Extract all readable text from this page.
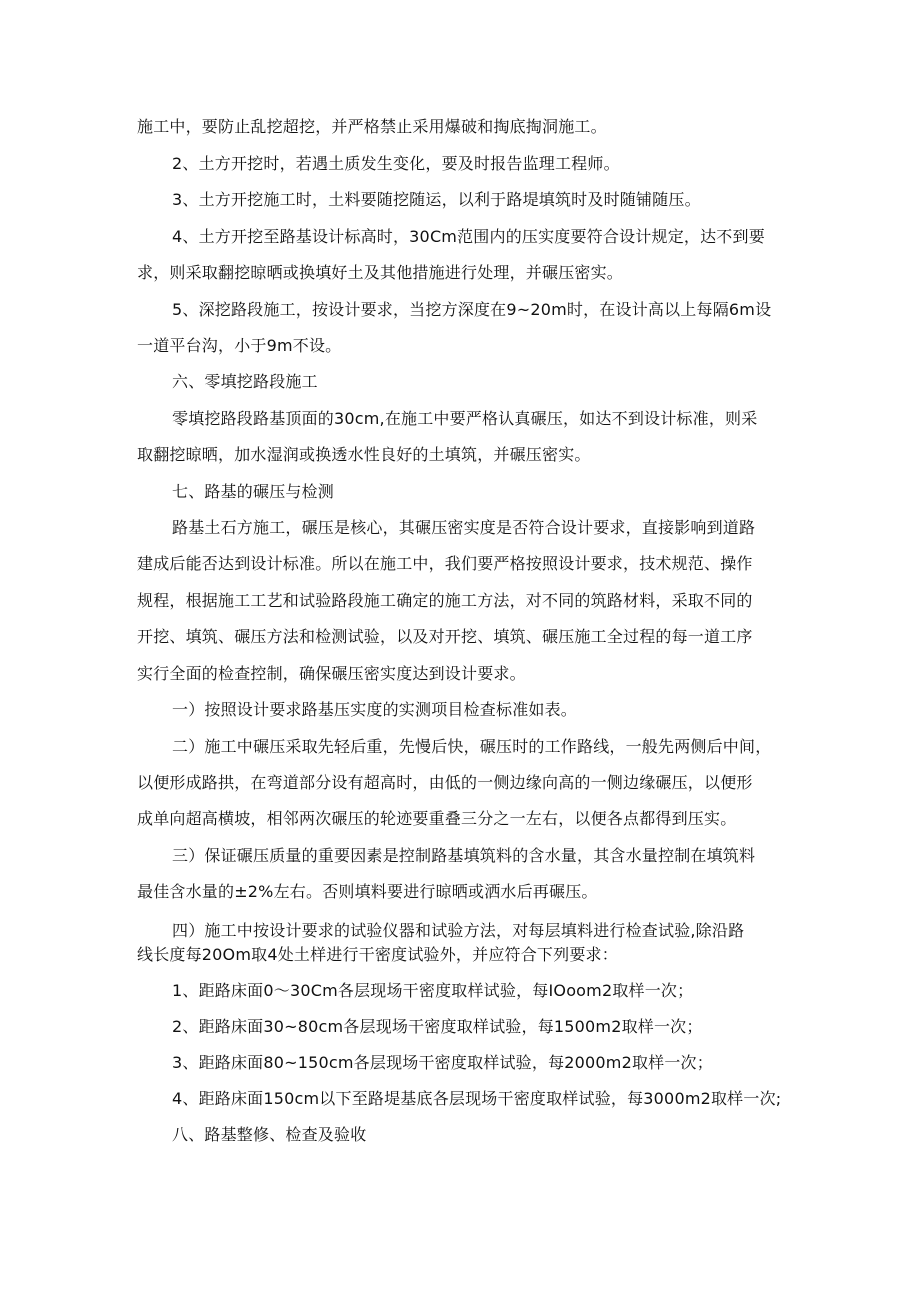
施工中，要防止乱挖超挖，并严格禁止采用爆破和掏底掏洞施工。
2、土方开挖时，若遇土质发生变化，要及时报告监理工程师。
3、土方开挖施工时，土料要随挖随运，以利于路堤填筑时及时随铺随压。
4、土方开挖至路基设计标高时，30Cm范围内的压实度要符合设计规定，达不到要
求，则采取翻挖晾晒或换填好土及其他措施进行处理，并碾压密实。
5、深挖路段施工，按设计要求，当挖方深度在9~20m时，在设计高以上每隔6m设
一道平台沟，小于9m不设。
六、零填挖路段施工
零填挖路段路基顶面的30cm,在施工中要严格认真碾压，如达不到设计标准，则采
取翻挖晾晒，加水湿润或换透水性良好的土填筑，并碾压密实。
七、路基的碾压与检测
路基土石方施工，碾压是核心，其碾压密实度是否符合设计要求，直接影响到道路
建成后能否达到设计标准。所以在施工中，我们要严格按照设计要求，技术规范、操作
规程，根据施工工艺和试验路段施工确定的施工方法，对不同的筑路材料，采取不同的
开挖、填筑、碾压方法和检测试验，以及对开挖、填筑、碾压施工全过程的每一道工序
实行全面的检查控制，确保碾压密实度达到设计要求。
一）按照设计要求路基压实度的实测项目检查标准如表。
二）施工中碾压采取先轻后重，先慢后快，碾压时的工作路线，一般先两侧后中间，
以便形成路拱，在弯道部分设有超高时，由低的一侧边缘向高的一侧边缘碾压，以便形
成单向超高横坡，相邻两次碾压的轮迹要重叠三分之一左右，以便各点都得到压实。
三）保证碾压质量的重要因素是控制路基填筑料的含水量，其含水量控制在填筑料
最佳含水量的±2%左右。否则填料要进行晾晒或洒水后再碾压。
四）施工中按设计要求的试验仪器和试验方法，对每层填料进行检查试验,除沿路
线长度每20Om取4处土样进行干密度试验外，并应符合下列要求：
1、距路床面0～30Cm各层现场干密度取样试验，每IOoom2取样一次；
2、距路床面30~80cm各层现场干密度取样试验，每1500m2取样一次；
3、距路床面80~150cm各层现场干密度取样试验，每2000m2取样一次；
4、距路床面150cm以下至路堤基底各层现场干密度取样试验，每3000m2取样一次;
八、路基整修、检查及验收
